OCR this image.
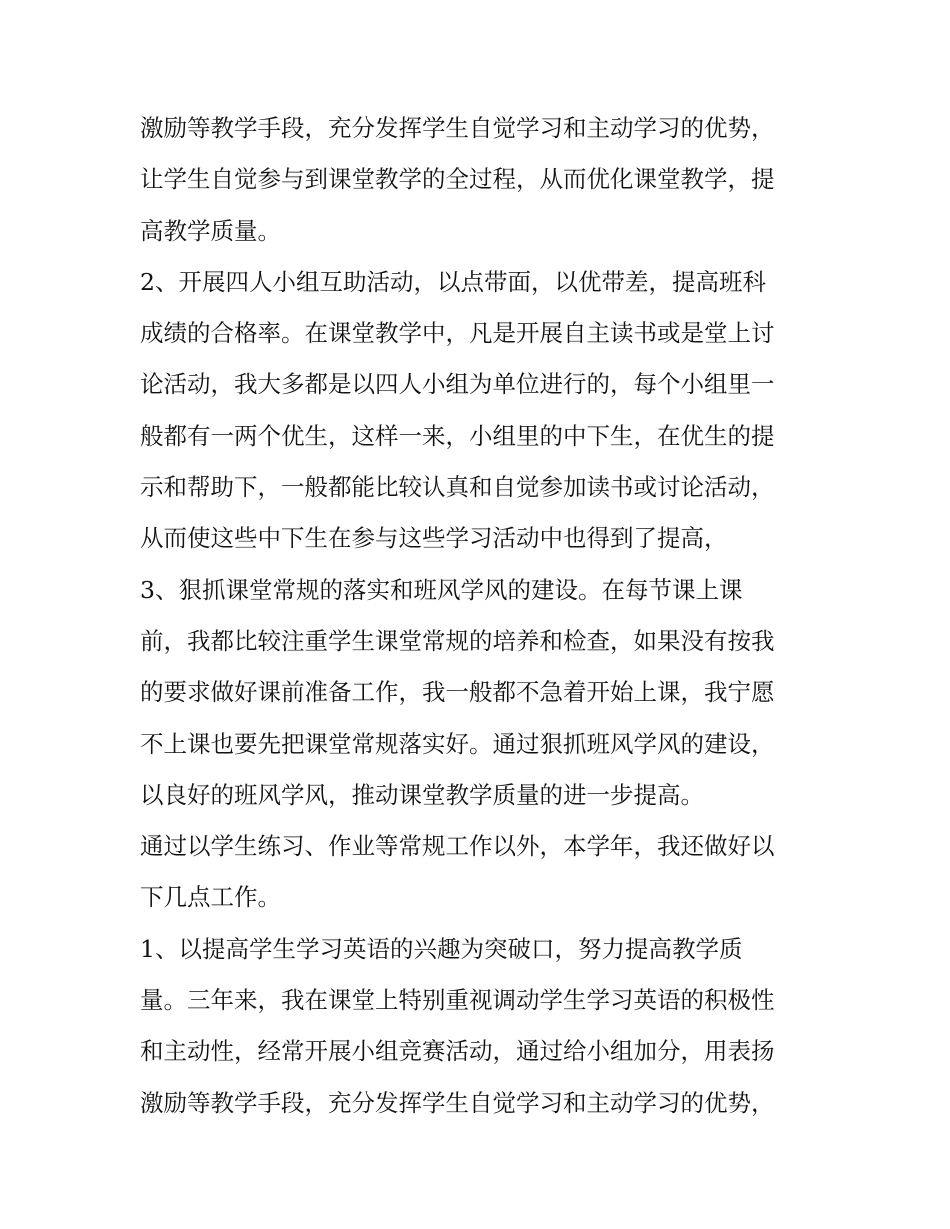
激励等教学手段，充分发挥学生自觉学习和主动学习的优势，
让学生自觉参与到课堂教学的全过程，从而优化课堂教学，提
高教学质量。
2、开展四人小组互助活动，以点带面，以优带差，提高班科
成绩的合格率。在课堂教学中，凡是开展自主读书或是堂上讨
论活动，我大多都是以四人小组为单位进行的，每个小组里一
般都有一两个优生，这样一来，小组里的中下生，在优生的提
示和帮助下，一般都能比较认真和自觉参加读书或讨论活动，
从而使这些中下生在参与这些学习活动中也得到了提高，
3、狠抓课堂常规的落实和班风学风的建设。在每节课上课
前，我都比较注重学生课堂常规的培养和检查，如果没有按我
的要求做好课前准备工作，我一般都不急着开始上课，我宁愿
不上课也要先把课堂常规落实好。通过狠抓班风学风的建设，
以良好的班风学风，推动课堂教学质量的进一步提高。
通过以学生练习、作业等常规工作以外，本学年，我还做好以
下几点工作。
1、以提高学生学习英语的兴趣为突破口，努力提高教学质
量。三年来，我在课堂上特别重视调动学生学习英语的积极性
和主动性，经常开展小组竞赛活动，通过给小组加分，用表扬
激励等教学手段，充分发挥学生自觉学习和主动学习的优势，
